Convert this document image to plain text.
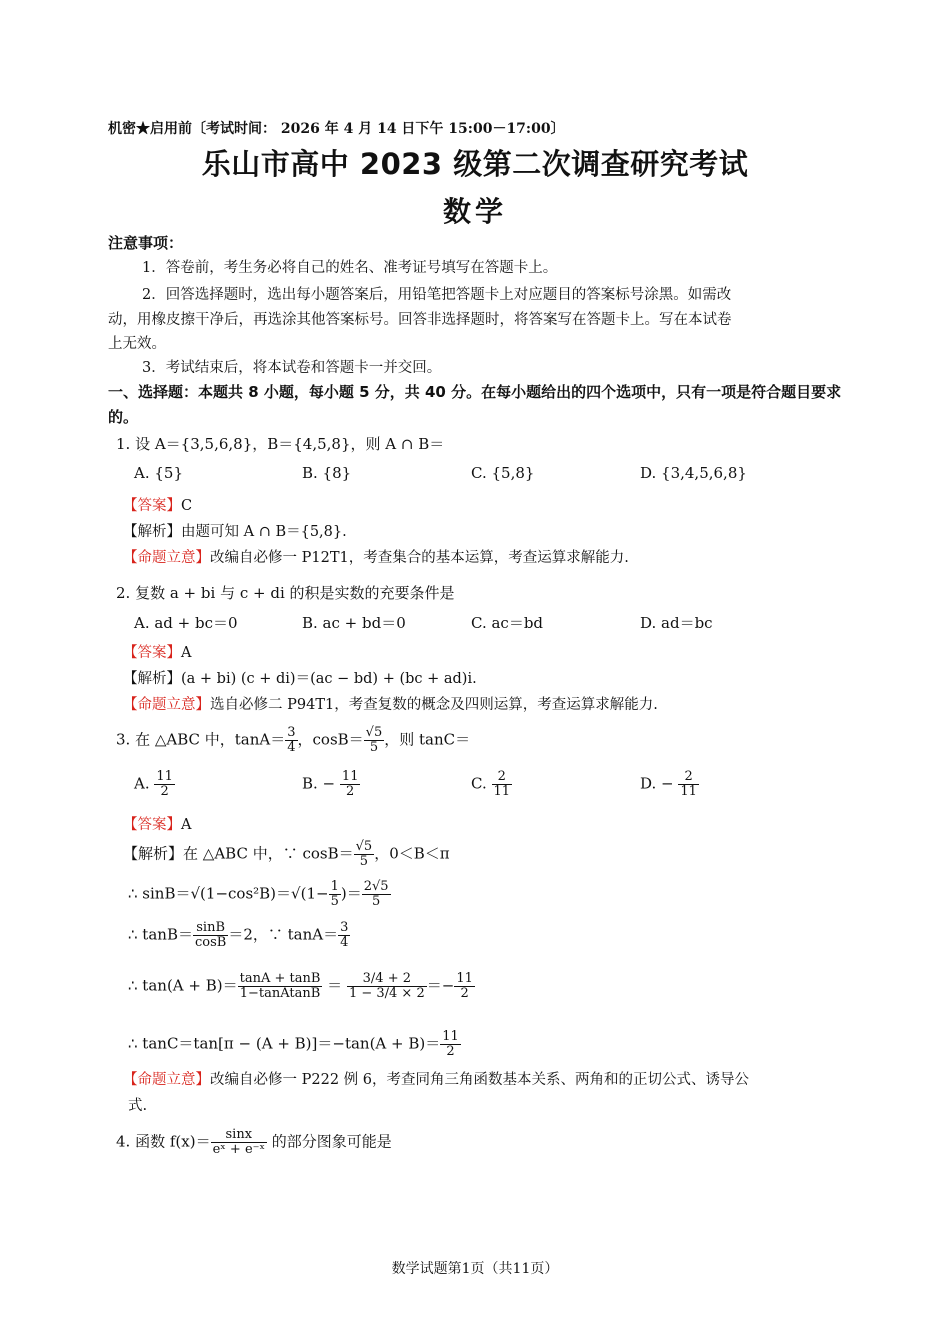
机密★启用前〔考试时间： 2026 年 4 月 14 日下午 15:00－17:00〕
乐山市高中 2023 级第二次调查研究考试
数学
注意事项：
1．答卷前，考生务必将自己的姓名、准考证号填写在答题卡上。
2．回答选择题时，选出每小题答案后，用铅笔把答题卡上对应题目的答案标号涂黑。如需改
动，用橡皮擦干净后，再选涂其他答案标号。回答非选择题时，将答案写在答题卡上。写在本试卷
上无效。
3．考试结束后，将本试卷和答题卡一并交回。
一、选择题：本题共 8 小题，每小题 5 分，共 40 分。在每小题给出的四个选项中，只有一项是符合题目要求的。
1. 设 A＝{3,5,6,8}，B＝{4,5,8}，则 A ∩ B＝
A. {5}	B. {8}	C. {5,8}	D. {3,4,5,6,8}
【答案】C
【解析】由题可知 A ∩ B＝{5,8}.
【命题立意】改编自必修一 P12T1，考查集合的基本运算，考查运算求解能力.
2. 复数 a + bi 与 c + di 的积是实数的充要条件是
A. ad + bc＝0	B. ac + bd＝0	C. ac＝bd	D. ad＝bc
【答案】A
【解析】(a + bi) (c + di)＝(ac − bd) + (bc + ad)i.
【命题立意】选自必修二 P94T1，考查复数的概念及四则运算，考查运算求解能力.
3. 在 △ABC 中，$\tan A= \frac{3}{4}$ ，$\cos B= \frac{√5}{5}$ ，则 tanC＝
A. $\frac{11}{2}$	B. − $\frac{11}{2}$	C. $\frac{2}{11}$	D. − $\frac{2}{11}$
【答案】A
【解析】在 △ABC 中，∵ $\cos B= \frac{√5}{5}$ ，0＜B＜π
∴ $\sin B=√(1-\cos^2B)=√(1- \frac{1}{5}$ )＝ $\frac{2√5}{5}$
∴ $\tan B= \frac{\sin B}{\cos B} =2$，∵ $\tan A= \frac{3}{4}$
∴ $\tan(A + B)= \frac{\tan A + \tan B}{\text{1−tanAtanB}} = \frac{3/4 + 2}{1 - 3/4 \times 2} =- \frac{11}{2}$
∴ $\tan C=\tan[\pi - (A + B)]=-\tan(A + B)= \frac{11}{2}$
【命题立意】改编自必修一 P222 例 6，考查同角三角函数基本关系、两角和的正切公式、诱导公
式.
4. 函数 $f(x)= \frac{\sin x}{\text{eˣ + e⁻ˣ}}$ 的部分图象可能是
数学试题第1页（共11页）
